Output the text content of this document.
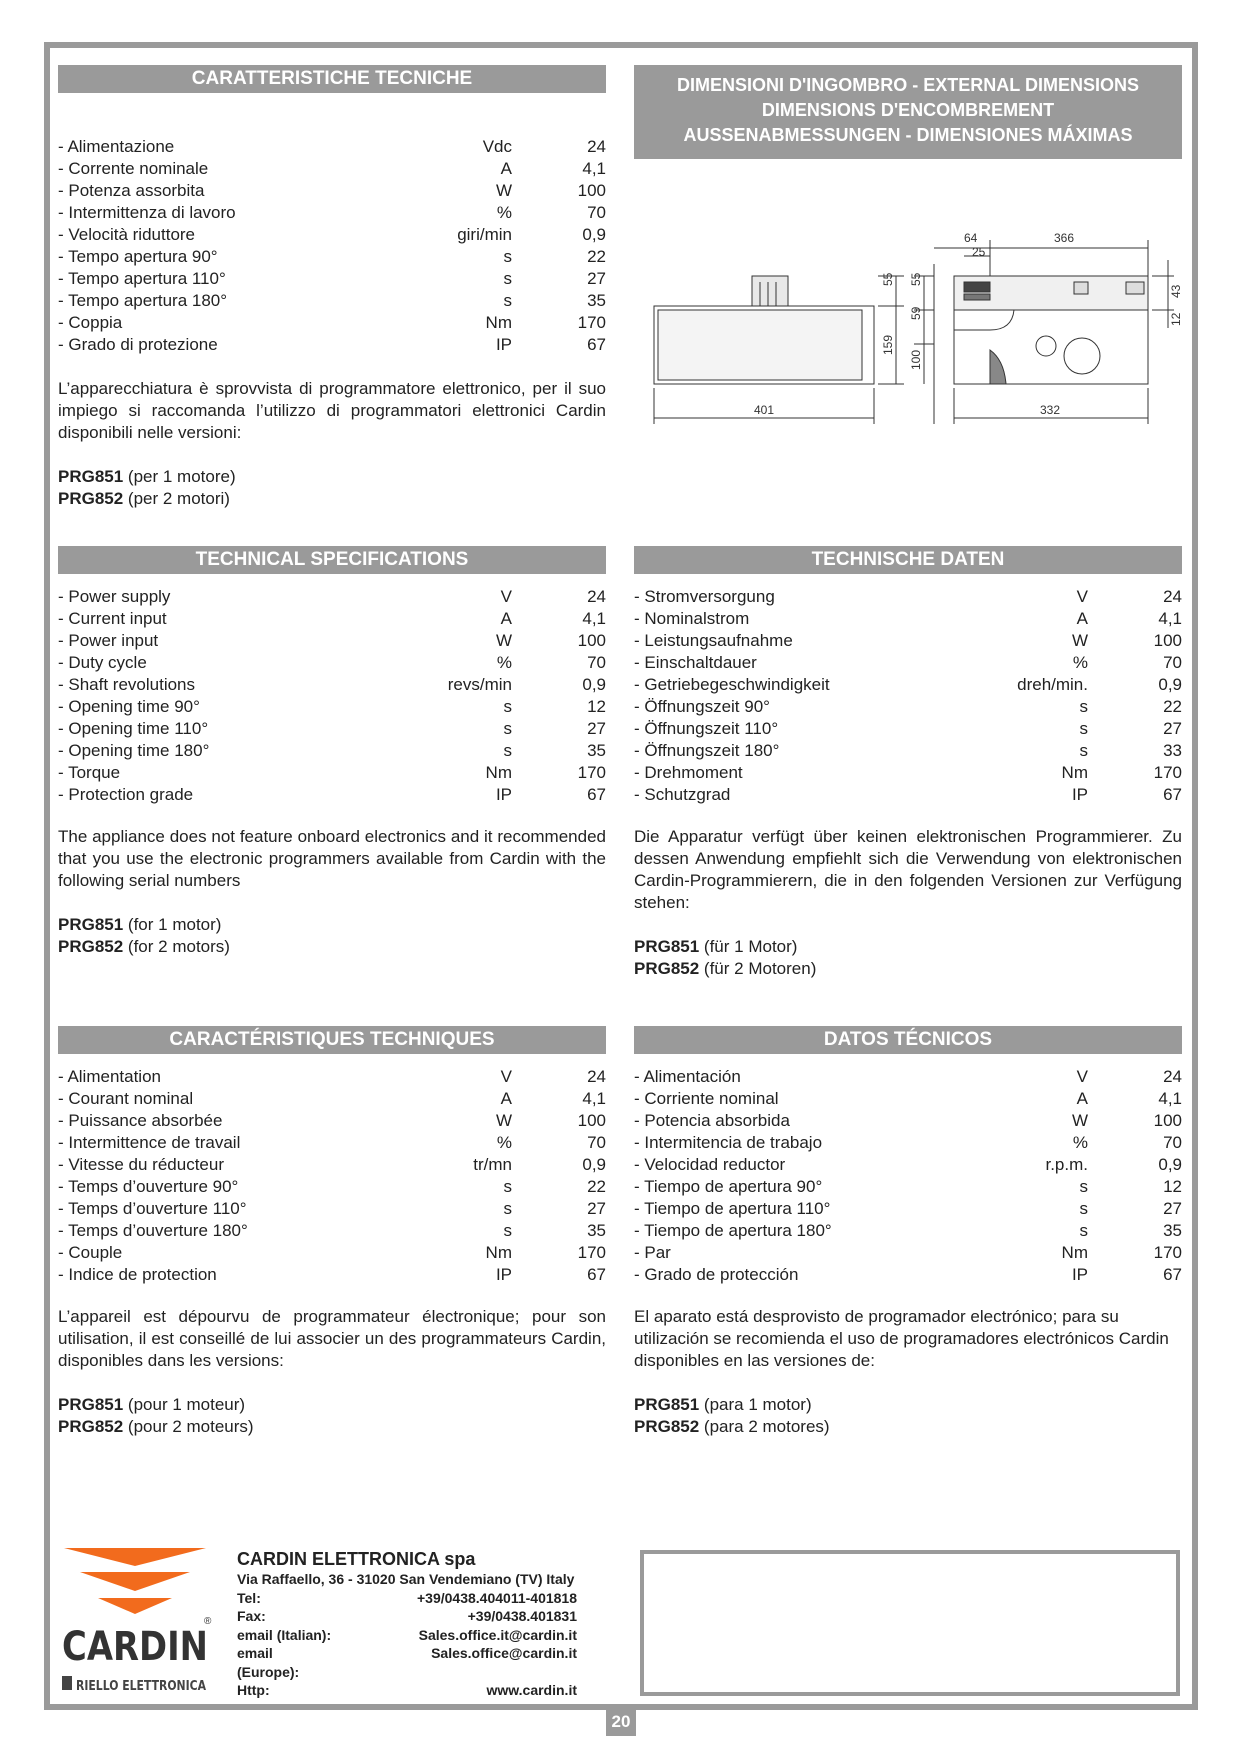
CARATTERISTICHE TECNICHE
- Alimentazione	Vdc	24
- Corrente nominale	A	4,1
- Potenza assorbita	W	100
- Intermittenza di lavoro	%	70
- Velocità riduttore	giri/min	0,9
- Tempo apertura 90°	s	22
- Tempo apertura 110°	s	27
- Tempo apertura 180°	s	35
- Coppia	Nm	170
- Grado di protezione	IP	67
L’apparecchiatura è sprovvista di programmatore elettronico, per il suo impiego si raccomanda l’utilizzo di programmatori elettronici Cardin disponibili nelle versioni:
PRG851 (per 1 motore)
PRG852 (per 2 motori)
DIMENSIONI D'INGOMBRO - EXTERNAL DIMENSIONS
DIMENSIONS D'ENCOMBREMENT
AUSSENABMESSUNGEN - DIMENSIONES MÁXIMAS
401	332
64
25
366
55
159
55
59
100
43
12
TECHNICAL SPECIFICATIONS
- Power supply	V	24
- Current input	A	4,1
- Power input	W	100
- Duty cycle	%	70
- Shaft revolutions	revs/min	0,9
- Opening time 90°	s	12
- Opening time 110°	s	27
- Opening time 180°	s	35
- Torque	Nm	170
- Protection grade	IP	67
The appliance does not feature onboard electronics and it recommended that you use the electronic programmers available from Cardin with the following serial numbers
PRG851 (for 1 motor)
PRG852 (for 2 motors)
TECHNISCHE DATEN
- Stromversorgung	V	24
- Nominalstrom	A	4,1
- Leistungsaufnahme	W	100
- Einschaltdauer	%	70
- Getriebegeschwindigkeit	dreh/min.	0,9
- Öffnungszeit 90°	s	22
- Öffnungszeit 110°	s	27
- Öffnungszeit 180°	s	33
- Drehmoment	Nm	170
- Schutzgrad	IP	67
Die Apparatur verfügt über keinen elektronischen Programmierer. Zu dessen Anwendung empfiehlt sich die Verwendung von elektronischen Cardin-Programmierern, die in den folgenden Versionen zur Verfügung stehen:
PRG851 (für 1 Motor)
PRG852 (für 2 Motoren)
CARACTÉRISTIQUES TECHNIQUES
- Alimentation	V	24
- Courant nominal	A	4,1
- Puissance absorbée	W	100
- Intermittence de travail	%	70
- Vitesse du réducteur	tr/mn	0,9
- Temps d’ouverture 90°	s	22
- Temps d’ouverture 110°	s	27
- Temps d’ouverture 180°	s	35
- Couple	Nm	170
- Indice de protection	IP	67
L’appareil est dépourvu de programmateur électronique; pour son utilisation, il est conseillé de lui associer un des programmateurs Cardin, disponibles dans les versions:
PRG851 (pour 1 moteur)
PRG852 (pour 2 moteurs)
DATOS TÉCNICOS
- Alimentación	V	24
- Corriente nominal	A	4,1
- Potencia absorbida	W	100
- Intermitencia de trabajo	%	70
- Velocidad reductor	r.p.m.	0,9
- Tiempo de apertura 90°	s	12
- Tiempo de apertura 110°	s	27
- Tiempo de apertura 180°	s	35
- Par	Nm	170
- Grado de protección	IP	67
El aparato está desprovisto de programador electrónico; para su utilización se recomienda el uso de programadores electrónicos Cardin disponibles en las versiones de:
PRG851 (para 1 motor)
PRG852 (para 2 motores)
CARDIN
®
RIELLO ELETTRONICA
CARDIN ELETTRONICA spa
Via Raffaello, 36 - 31020 San Vendemiano (TV) Italy
Tel:	+39/0438.404011-401818
Fax:	+39/0438.401831
email (Italian):	Sales.office.it@cardin.it
email (Europe):
Sales.office@cardin.it
Http:	www.cardin.it
20
